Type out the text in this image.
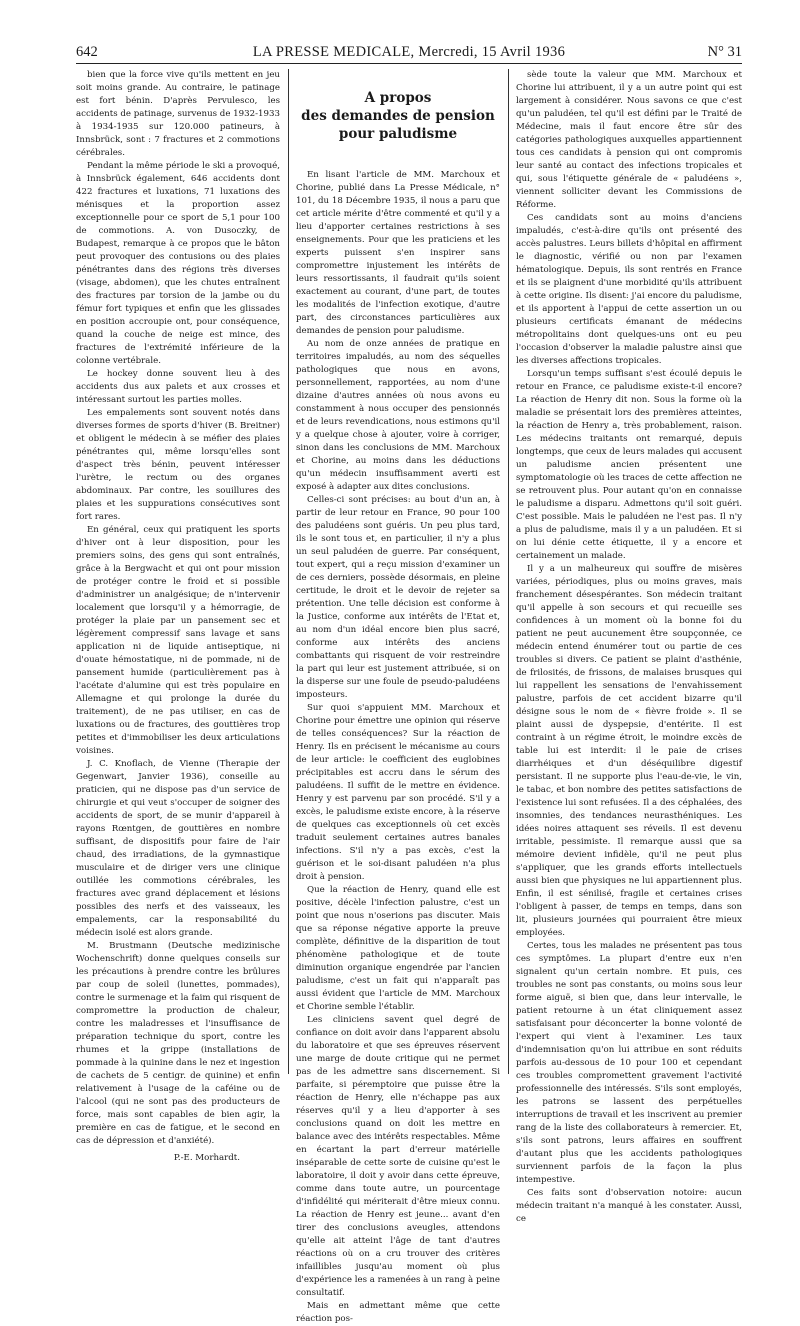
642	LA PRESSE MEDICALE, Mercredi, 15 Avril 1936	N° 31

bien que la force vive qu'ils mettent en jeu soit moins grande. Au contraire, le patinage est fort bénin. D'après Pervulesco, les accidents de patinage, survenus de 1932-1933 à 1934-1935 sur 120.000 patineurs, à Innsbrück, sont : 7 fractures et 2 commotions cérébrales.

Pendant la même période le ski a provoqué, à Innsbrück également, 646 accidents dont 422 fractures et luxations, 71 luxations des ménisques et la proportion assez exceptionnelle pour ce sport de 5,1 pour 100 de commotions. A. von Dusoczky, de Budapest, remarque à ce propos que le bâton peut provoquer des contusions ou des plaies pénétrantes dans des régions très diverses (visage, abdomen), que les chutes entraînent des fractures par torsion de la jambe ou du fémur fort typiques et enfin que les glissades en position accroupie ont, pour conséquence, quand la couche de neige est mince, des fractures de l'extrémité inférieure de la colonne vertébrale.

Le hockey donne souvent lieu à des accidents dus aux palets et aux crosses et intéressant surtout les parties molles.

Les empalements sont souvent notés dans diverses formes de sports d'hiver (B. Breitner) et obligent le médecin à se méfier des plaies pénétrantes qui, même lorsqu'elles sont d'aspect très bénin, peuvent intéresser l'urètre, le rectum ou des organes abdominaux. Par contre, les souillures des plaies et les suppurations consécutives sont fort rares.

En général, ceux qui pratiquent les sports d'hiver ont à leur disposition, pour les premiers soins, des gens qui sont entraînés, grâce à la Bergwacht et qui ont pour mission de protéger contre le froid et si possible d'administrer un analgésique; de n'intervenir localement que lorsqu'il y a hémorragie, de protéger la plaie par un pansement sec et légèrement compressif sans lavage et sans application ni de liquide antiseptique, ni d'ouate hémostatique, ni de pommade, ni de pansement humide (particulièrement pas à l'acétate d'alumine qui est très populaire en Allemagne et qui prolonge la durée du traitement), de ne pas utiliser, en cas de luxations ou de fractures, des gouttières trop petites et d'immobiliser les deux articulations voisines.

J. C. Knoflach, de Vienne (Therapie der Gegenwart, Janvier 1936), conseille au praticien, qui ne dispose pas d'un service de chirurgie et qui veut s'occuper de soigner des accidents de sport, de se munir d'appareil à rayons Rœntgen, de gouttières en nombre suffisant, de dispositifs pour faire de l'air chaud, des irradiations, de la gymnastique musculaire et de diriger vers une clinique outillée les commotions cérébrales, les fractures avec grand déplacement et lésions possibles des nerfs et des vaisseaux, les empalements, car la responsabilité du médecin isolé est alors grande.

M. Brustmann (Deutsche medizinische Wochenschrift) donne quelques conseils sur les précautions à prendre contre les brûlures par coup de soleil (lunettes, pommades), contre le surmenage et la faim qui risquent de compromettre la production de chaleur, contre les maladresses et l'insuffisance de préparation technique du sport, contre les rhumes et la grippe (installations de pommade à la quinine dans le nez et ingestion de cachets de 5 centigr. de quinine) et enfin relativement à l'usage de la caféine ou de l'alcool (qui ne sont pas des producteurs de force, mais sont capables de bien agir, la première en cas de fatigue, et le second en cas de dépression et d'anxiété).

P.-E. Morhardt.

A propos
des demandes de pension
pour paludisme

En lisant l'article de MM. Marchoux et Chorine, publié dans La Presse Médicale, n° 101, du 18 Décembre 1935, il nous a paru que cet article mérite d'être commenté et qu'il y a lieu d'apporter certaines restrictions à ses enseignements. Pour que les praticiens et les experts puissent s'en inspirer sans compromettre injustement les intérêts de leurs ressortissants, il faudrait qu'ils soient exactement au courant, d'une part, de toutes les modalités de l'infection exotique, d'autre part, des circonstances particulières aux demandes de pension pour paludisme.

Au nom de onze années de pratique en territoires impaludés, au nom des séquelles pathologiques que nous en avons, personnellement, rapportées, au nom d'une dizaine d'autres années où nous avons eu constamment à nous occuper des pensionnés et de leurs revendications, nous estimons qu'il y a quelque chose à ajouter, voire à corriger, sinon dans les conclusions de MM. Marchoux et Chorine, au moins dans les déductions qu'un médecin insuffisamment averti est exposé à adapter aux dites conclusions.

Celles-ci sont précises: au bout d'un an, à partir de leur retour en France, 90 pour 100 des paludéens sont guéris. Un peu plus tard, ils le sont tous et, en particulier, il n'y a plus un seul paludéen de guerre. Par conséquent, tout expert, qui a reçu mission d'examiner un de ces derniers, possède désormais, en pleine certitude, le droit et le devoir de rejeter sa prétention. Une telle décision est conforme à la Justice, conforme aux intérêts de l'Etat et, au nom d'un idéal encore bien plus sacré, conforme aux intérêts des anciens combattants qui risquent de voir restreindre la part qui leur est justement attribuée, si on la disperse sur une foule de pseudo-paludéens imposteurs.

Sur quoi s'appuient MM. Marchoux et Chorine pour émettre une opinion qui réserve de telles conséquences? Sur la réaction de Henry. Ils en précisent le mécanisme au cours de leur article: le coefficient des euglobines précipitables est accru dans le sérum des paludéens. Il suffit de le mettre en évidence. Henry y est parvenu par son procédé. S'il y a excès, le paludisme existe encore, à la réserve de quelques cas exceptionnels où cet excès traduit seulement certaines autres banales infections. S'il n'y a pas excès, c'est la guérison et le soi-disant paludéen n'a plus droit à pension.

Que la réaction de Henry, quand elle est positive, décèle l'infection palustre, c'est un point que nous n'oserions pas discuter. Mais que sa réponse négative apporte la preuve complète, définitive de la disparition de tout phénomène pathologique et de toute diminution organique engendrée par l'ancien paludisme, c'est un fait qui n'apparaît pas aussi évident que l'article de MM. Marchoux et Chorine semble l'établir.

Les cliniciens savent quel degré de confiance on doit avoir dans l'apparent absolu du laboratoire et que ses épreuves réservent une marge de doute critique qui ne permet pas de les admettre sans discernement. Si parfaite, si péremptoire que puisse être la réaction de Henry, elle n'échappe pas aux réserves qu'il y a lieu d'apporter à ses conclusions quand on doit les mettre en balance avec des intérêts respectables. Même en écartant la part d'erreur matérielle inséparable de cette sorte de cuisine qu'est le laboratoire, il doit y avoir dans cette épreuve, comme dans toute autre, un pourcentage d'infidélité qui mériterait d'être mieux connu. La réaction de Henry est jeune... avant d'en tirer des conclusions aveugles, attendons qu'elle ait atteint l'âge de tant d'autres réactions où on a cru trouver des critères infaillibles jusqu'au moment où plus d'expérience les a ramenées à un rang à peine consultatif.

Mais en admettant même que cette réaction pos-

sède toute la valeur que MM. Marchoux et Chorine lui attribuent, il y a un autre point qui est largement à considérer. Nous savons ce que c'est qu'un paludéen, tel qu'il est défini par le Traité de Médecine, mais il faut encore être sûr des catégories pathologiques auxquelles appartiennent tous ces candidats à pension qui ont compromis leur santé au contact des infections tropicales et qui, sous l'étiquette générale de « paludéens », viennent solliciter devant les Commissions de Réforme.

Ces candidats sont au moins d'anciens impaludés, c'est-à-dire qu'ils ont présenté des accès palustres. Leurs billets d'hôpital en affirment le diagnostic, vérifié ou non par l'examen hématologique. Depuis, ils sont rentrés en France et ils se plaignent d'une morbidité qu'ils attribuent à cette origine. Ils disent: j'ai encore du paludisme, et ils apportent à l'appui de cette assertion un ou plusieurs certificats émanant de médecins métropolitains dont quelques-uns ont eu peu l'occasion d'observer la maladie palustre ainsi que les diverses affections tropicales.

Lorsqu'un temps suffisant s'est écoulé depuis le retour en France, ce paludisme existe-t-il encore? La réaction de Henry dit non. Sous la forme où la maladie se présentait lors des premières atteintes, la réaction de Henry a, très probablement, raison. Les médecins traitants ont remarqué, depuis longtemps, que ceux de leurs malades qui accusent un paludisme ancien présentent une symptomatologie où les traces de cette affection ne se retrouvent plus. Pour autant qu'on en connaisse le paludisme a disparu. Admettons qu'il soit guéri. C'est possible. Mais le paludéen ne l'est pas. Il n'y a plus de paludisme, mais il y a un paludéen. Et si on lui dénie cette étiquette, il y a encore et certainement un malade.

Il y a un malheureux qui souffre de misères variées, périodiques, plus ou moins graves, mais franchement désespérantes. Son médecin traitant qu'il appelle à son secours et qui recueille ses confidences à un moment où la bonne foi du patient ne peut aucunement être soupçonnée, ce médecin entend énumérer tout ou partie de ces troubles si divers. Ce patient se plaint d'asthénie, de frilosités, de frissons, de malaises brusques qui lui rappellent les sensations de l'envahissement palustre, parfois de cet accident bizarre qu'il désigne sous le nom de « fièvre froide ». Il se plaint aussi de dyspepsie, d'entérite. Il est contraint à un régime étroit, le moindre excès de table lui est interdit: il le paie de crises diarrhéiques et d'un déséquilibre digestif persistant. Il ne supporte plus l'eau-de-vie, le vin, le tabac, et bon nombre des petites satisfactions de l'existence lui sont refusées. Il a des céphalées, des insomnies, des tendances neurasthéniques. Les idées noires attaquent ses réveils. Il est devenu irritable, pessimiste. Il remarque aussi que sa mémoire devient infidèle, qu'il ne peut plus s'appliquer, que les grands efforts intellectuels aussi bien que physiques ne lui appartiennent plus. Enfin, il est sénilisé, fragile et certaines crises l'obligent à passer, de temps en temps, dans son lit, plusieurs journées qui pourraient être mieux employées.

Certes, tous les malades ne présentent pas tous ces symptômes. La plupart d'entre eux n'en signalent qu'un certain nombre. Et puis, ces troubles ne sont pas constants, ou moins sous leur forme aiguë, si bien que, dans leur intervalle, le patient retourne à un état cliniquement assez satisfaisant pour déconcerter la bonne volonté de l'expert qui vient à l'examiner. Les taux d'indemnisation qu'on lui attribue en sont réduits parfois au-dessous de 10 pour 100 et cependant ces troubles compromettent gravement l'activité professionnelle des intéressés. S'ils sont employés, les patrons se lassent des perpétuelles interruptions de travail et les inscrivent au premier rang de la liste des collaborateurs à remercier. Et, s'ils sont patrons, leurs affaires en souffrent d'autant plus que les accidents pathologiques surviennent parfois de la façon la plus intempestive.

Ces faits sont d'observation notoire: aucun médecin traitant n'a manqué à les constater. Aussi, ce
